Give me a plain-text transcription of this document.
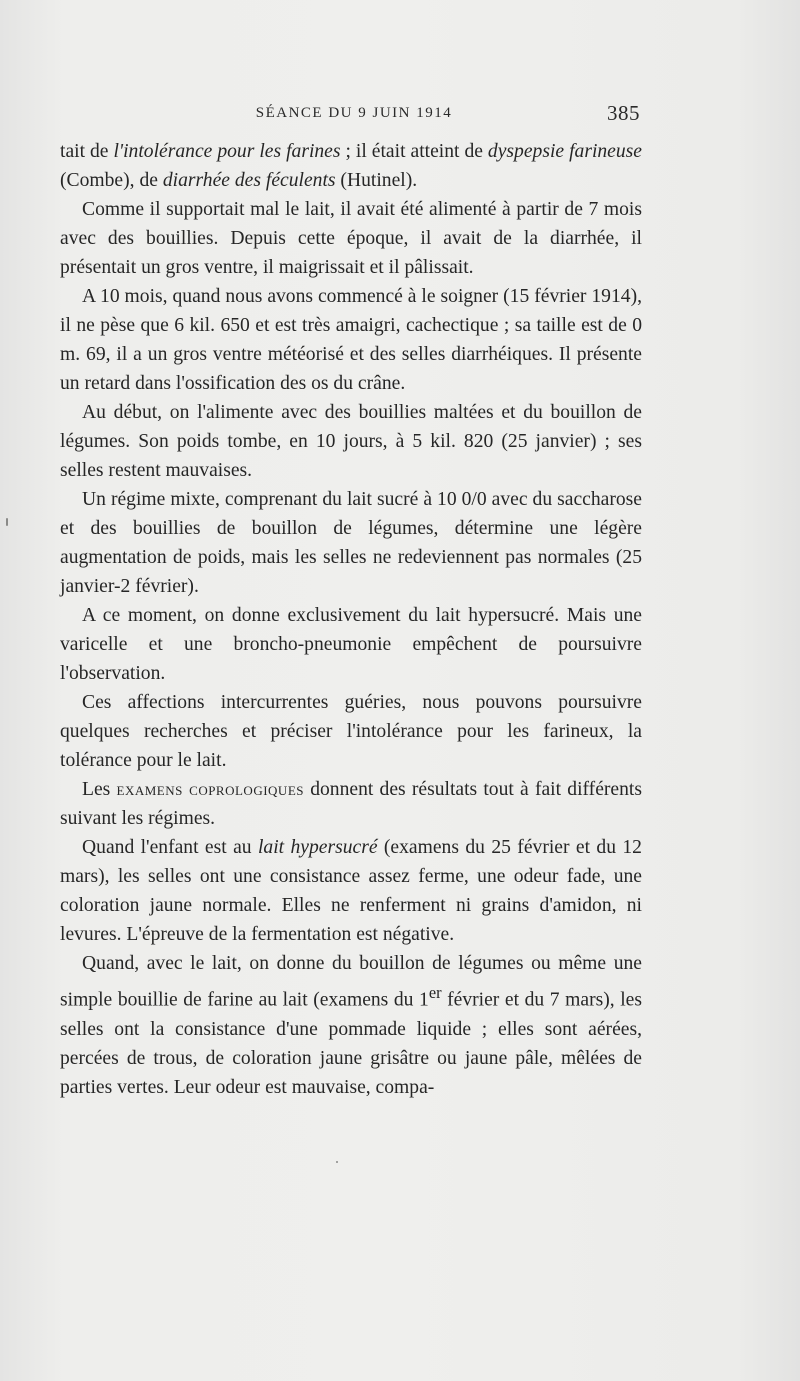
SÉANCE DU 9 JUIN 1914	385

tait de l'intolérance pour les farines ; il était atteint de dyspepsie farineuse (Combe), de diarrhée des féculents (Hutinel).

Comme il supportait mal le lait, il avait été alimenté à partir de 7 mois avec des bouillies. Depuis cette époque, il avait de la diarrhée, il présentait un gros ventre, il maigrissait et il pâlissait.

A 10 mois, quand nous avons commencé à le soigner (15 février 1914), il ne pèse que 6 kil. 650 et est très amaigri, cachectique ; sa taille est de 0 m. 69, il a un gros ventre météorisé et des selles diarrhéiques. Il présente un retard dans l'ossification des os du crâne.

Au début, on l'alimente avec des bouillies maltées et du bouillon de légumes. Son poids tombe, en 10 jours, à 5 kil. 820 (25 janvier) ; ses selles restent mauvaises.

Un régime mixte, comprenant du lait sucré à 10 0/0 avec du saccharose et des bouillies de bouillon de légumes, détermine une légère augmentation de poids, mais les selles ne redeviennent pas normales (25 janvier-2 février).

A ce moment, on donne exclusivement du lait hypersucré. Mais une varicelle et une broncho-pneumonie empêchent de poursuivre l'observation.

Ces affections intercurrentes guéries, nous pouvons poursuivre quelques recherches et préciser l'intolérance pour les farineux, la tolérance pour le lait.

Les examens coprologiques donnent des résultats tout à fait différents suivant les régimes.

Quand l'enfant est au lait hypersucré (examens du 25 février et du 12 mars), les selles ont une consistance assez ferme, une odeur fade, une coloration jaune normale. Elles ne renferment ni grains d'amidon, ni levures. L'épreuve de la fermentation est négative.

Quand, avec le lait, on donne du bouillon de légumes ou même une simple bouillie de farine au lait (examens du 1er février et du 7 mars), les selles ont la consistance d'une pommade liquide ; elles sont aérées, percées de trous, de coloration jaune grisâtre ou jaune pâle, mêlées de parties vertes. Leur odeur est mauvaise, compa-
